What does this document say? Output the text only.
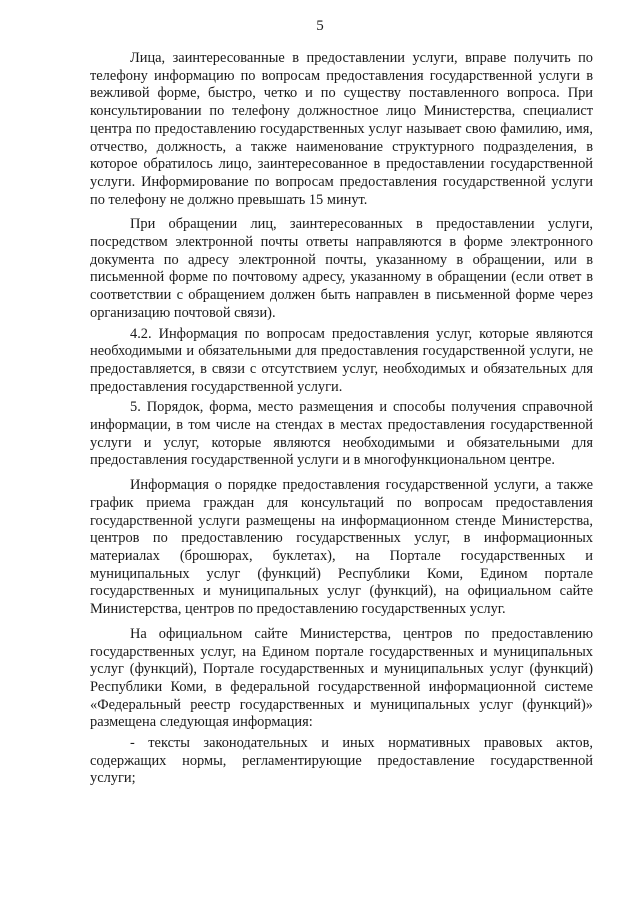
5

Лица, заинтересованные в предоставлении услуги, вправе получить по телефону информацию по вопросам предоставления государственной услуги в вежливой форме, быстро, четко и по существу поставленного вопроса. При консультировании по телефону должностное лицо Министерства, специалист центра по предоставлению государственных услуг называет свою фамилию, имя, отчество, должность, а также наименование структурного подразделения, в которое обратилось лицо, заинтересованное в предоставлении государственной услуги. Информирование по вопросам предоставления государственной услуги по телефону не должно превышать 15 минут.

При обращении лиц, заинтересованных в предоставлении услуги, посредством электронной почты ответы направляются в форме электронного документа по адресу электронной почты, указанному в обращении, или в письменной форме по почтовому адресу, указанному в обращении (если ответ в соответствии с обращением должен быть направлен в письменной форме через организацию почтовой связи).

4.2. Информация по вопросам предоставления услуг, которые являются необходимыми и обязательными для предоставления государственной услуги, не предоставляется, в связи с отсутствием услуг, необходимых и обязательных для предоставления государственной услуги.

5. Порядок, форма, место размещения и способы получения справочной информации, в том числе на стендах в местах предоставления государственной услуги и услуг, которые являются необходимыми и обязательными для предоставления государственной услуги и в многофункциональном центре.

Информация о порядке предоставления государственной услуги, а также график приема граждан для консультаций по вопросам предоставления государственной услуги размещены на информационном стенде Министерства, центров по предоставлению государственных услуг, в информационных материалах (брошюрах, буклетах), на Портале государственных и муниципальных услуг (функций) Республики Коми, Едином портале государственных и муниципальных услуг (функций), на официальном сайте Министерства, центров по предоставлению государственных услуг.

На официальном сайте Министерства, центров по предоставлению государственных услуг, на Едином портале государственных и муниципальных услуг (функций), Портале государственных и муниципальных услуг (функций) Республики Коми, в федеральной государственной информационной системе «Федеральный реестр государственных и муниципальных услуг (функций)» размещена следующая информация:

- тексты законодательных и иных нормативных правовых актов, содержащих нормы, регламентирующие предоставление государственной услуги;
